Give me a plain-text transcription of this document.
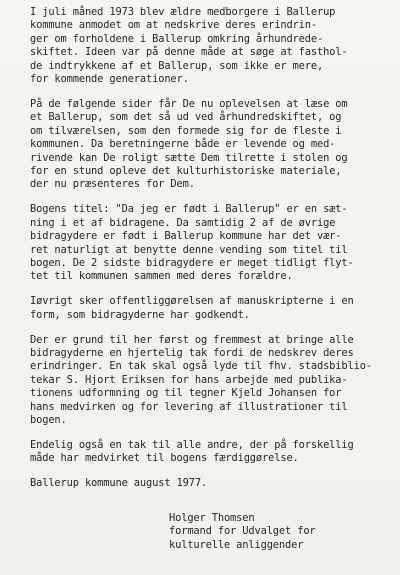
I juli måned 1973 blev ældre medborgere i Ballerup
kommune anmodet om at nedskrive deres erindrin-
ger om forholdene i Ballerup omkring århundrede-
skiftet. Ideen var på denne måde at søge at fasthol-
de indtrykkene af et Ballerup, som ikke er mere,
for kommende generationer.
På de følgende sider får De nu oplevelsen at læse om
et Ballerup, som det så ud ved århundredskiftet, og
om tilværelsen, som den formede sig for de fleste i
kommunen. Da beretningerne både er levende og med-
rivende kan De roligt sætte Dem tilrette i stolen og
for en stund opleve det kulturhistoriske materiale,
der nu præsenteres for Dem.
Bogens titel: "Da jeg er født i Ballerup" er en sæt-
ning i et af bidragene. Da samtidig 2 af de øvrige
bidragydere er født i Ballerup kommune har det vær-
ret naturligt at benytte denne vending som titel til
bogen. De 2 sidste bidragydere er meget tidligt flyt-
tet til kommunen sammen med deres forældre.
Iøvrigt sker offentliggørelsen af manuskripterne i en
form, som bidragyderne har godkendt.
Der er grund til her først og fremmest at bringe alle
bidragyderne en hjertelig tak fordi de nedskrev deres
erindringer. En tak skal også lyde til fhv. stadsbiblio-
tekar S. Hjort Eriksen for hans arbejde med publika-
tionens udformning og til tegner Kjeld Johansen for
hans medvirken og for levering af illustrationer til
bogen.
Endelig også en tak til alle andre, der på forskellig
måde har medvirket til bogens færdiggørelse.
Ballerup kommune august 1977.
Holger Thomsen
formand for Udvalget for
kulturelle anliggender
